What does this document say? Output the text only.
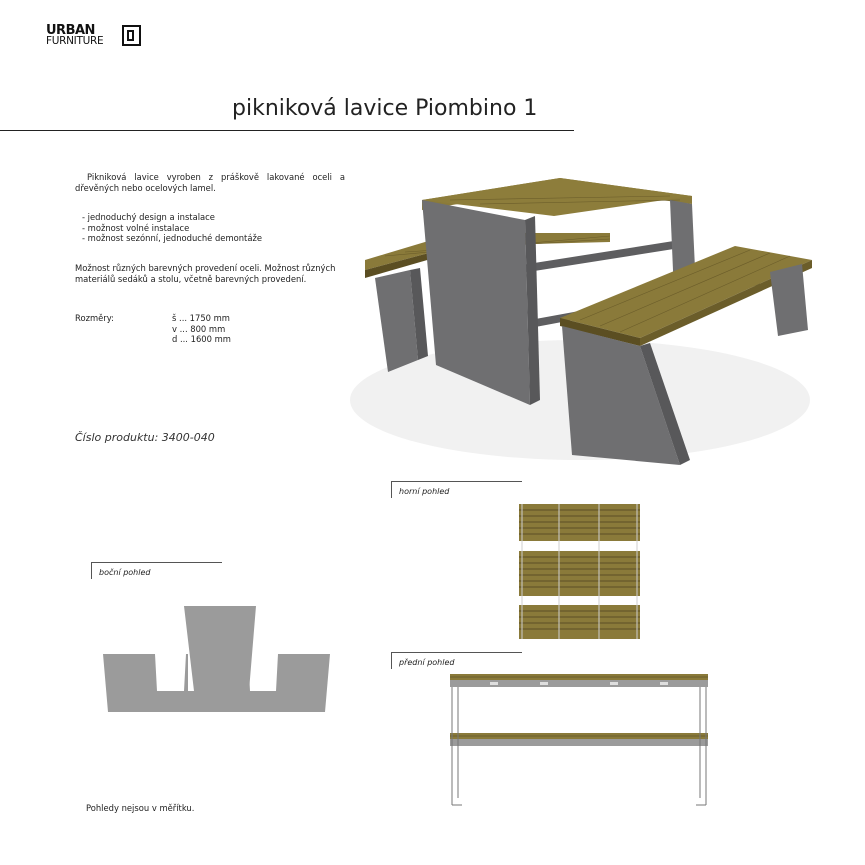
URBAN
FURNITURE
pikniková lavice Piombino 1

Pikniková lavice vyroben z práškově lakované oceli a dřevěných nebo ocelových lamel.

- jednoduchý design a instalace
- možnost volné instalace
- možnost sezónní, jednoduché demontáže
Možnost různých barevných provedení oceli. Možnost různých materiálů sedáků a stolu, včetně barevných provedení.
Rozměry:	š ... 1750 mm
v ... 800 mm
d ... 1600 mm
Číslo produktu: 3400-040
horní pohled
boční pohled
přední pohled
Pohledy nejsou v měřítku.
